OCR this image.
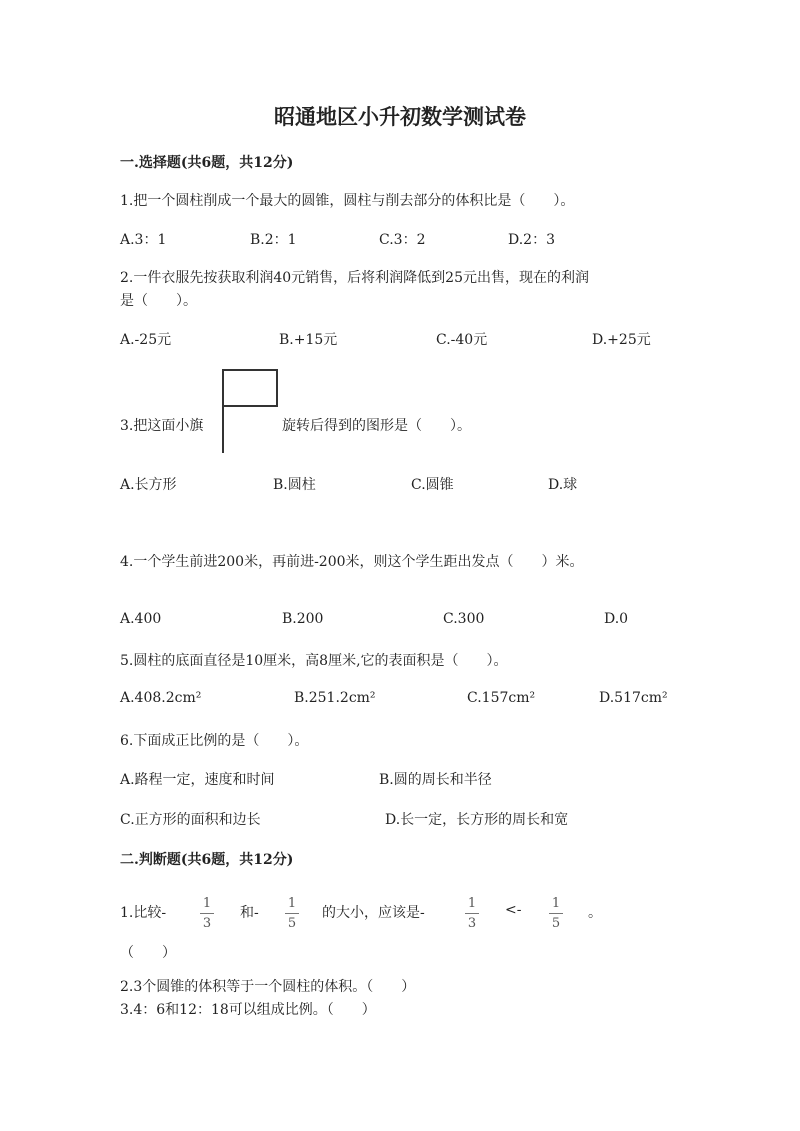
昭通地区小升初数学测试卷
一.选择题(共6题，共12分)
1.把一个圆柱削成一个最大的圆锥，圆柱与削去部分的体积比是（　　）。
A.3：1	B.2：1	C.3：2	D.2：3
2.一件衣服先按获取利润40元销售，后将利润降低到25元出售，现在的利润
是（　　）。
A.-25元	B.+15元	C.-40元	D.+25元
3.把这面小旗	旋转后得到的图形是（　　）。
A.长方形	B.圆柱	C.圆锥	D.球
4.一个学生前进200米，再前进-200米，则这个学生距出发点（　　）米。
A.400	B.200	C.300	D.0
5.圆柱的底面直径是10厘米，高8厘米,它的表面积是（　　）。
A.408.2cm²	B.251.2cm²	C.157cm²	D.517cm²
6.下面成正比例的是（　　）。
A.路程一定，速度和时间	B.圆的周长和半径
C.正方形的面积和边长	D.长一定，长方形的周长和宽
二.判断题(共6题，共12分)
1.比较-
1
3
和-
1
5
的大小，应该是-
1
3
<- 1
5
。
（　　）
2.3个圆锥的体积等于一个圆柱的体积。（　　）
3.4：6和12：18可以组成比例。（　　）
